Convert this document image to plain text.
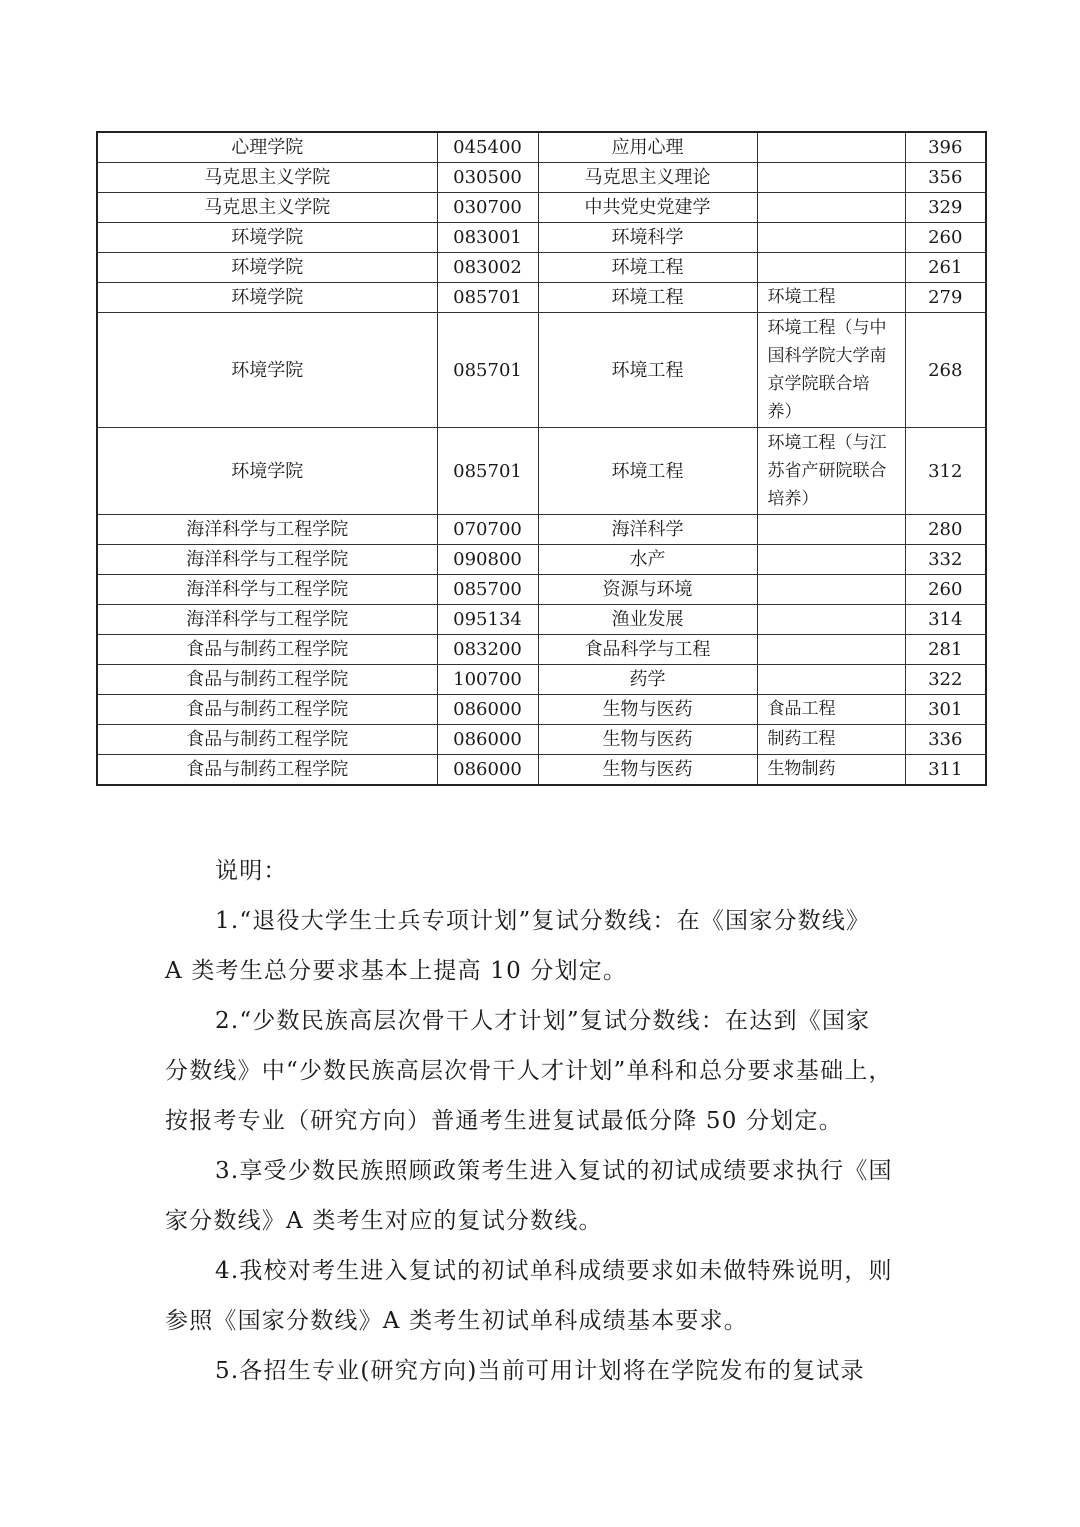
心理学院	045400	应用心理		396
马克思主义学院	030500	马克思主义理论		356
马克思主义学院	030700	中共党史党建学		329
环境学院	083001	环境科学		260
环境学院	083002	环境工程		261
环境学院	085701	环境工程	环境工程	279
环境学院	085701	环境工程	环境工程（与中
国科学院大学南
京学院联合培
养）	268
环境学院	085701	环境工程	环境工程（与江
苏省产研院联合
培养）	312
海洋科学与工程学院	070700	海洋科学		280
海洋科学与工程学院	090800	水产		332
海洋科学与工程学院	085700	资源与环境		260
海洋科学与工程学院	095134	渔业发展		314
食品与制药工程学院	083200	食品科学与工程		281
食品与制药工程学院	100700	药学		322
食品与制药工程学院	086000	生物与医药	食品工程	301
食品与制药工程学院	086000	生物与医药	制药工程	336
食品与制药工程学院	086000	生物与医药	生物制药	311

说明：

1.“退役大学生士兵专项计划”复试分数线：在《国家分数线》

A 类考生总分要求基本上提高 10 分划定。

2.“少数民族高层次骨干人才计划”复试分数线：在达到《国家

分数线》中“少数民族高层次骨干人才计划”单科和总分要求基础上，

按报考专业（研究方向）普通考生进复试最低分降 50 分划定。

3.享受少数民族照顾政策考生进入复试的初试成绩要求执行《国

家分数线》A 类考生对应的复试分数线。

4.我校对考生进入复试的初试单科成绩要求如未做特殊说明，则

参照《国家分数线》A 类考生初试单科成绩基本要求。

5.各招生专业(研究方向)当前可用计划将在学院发布的复试录
